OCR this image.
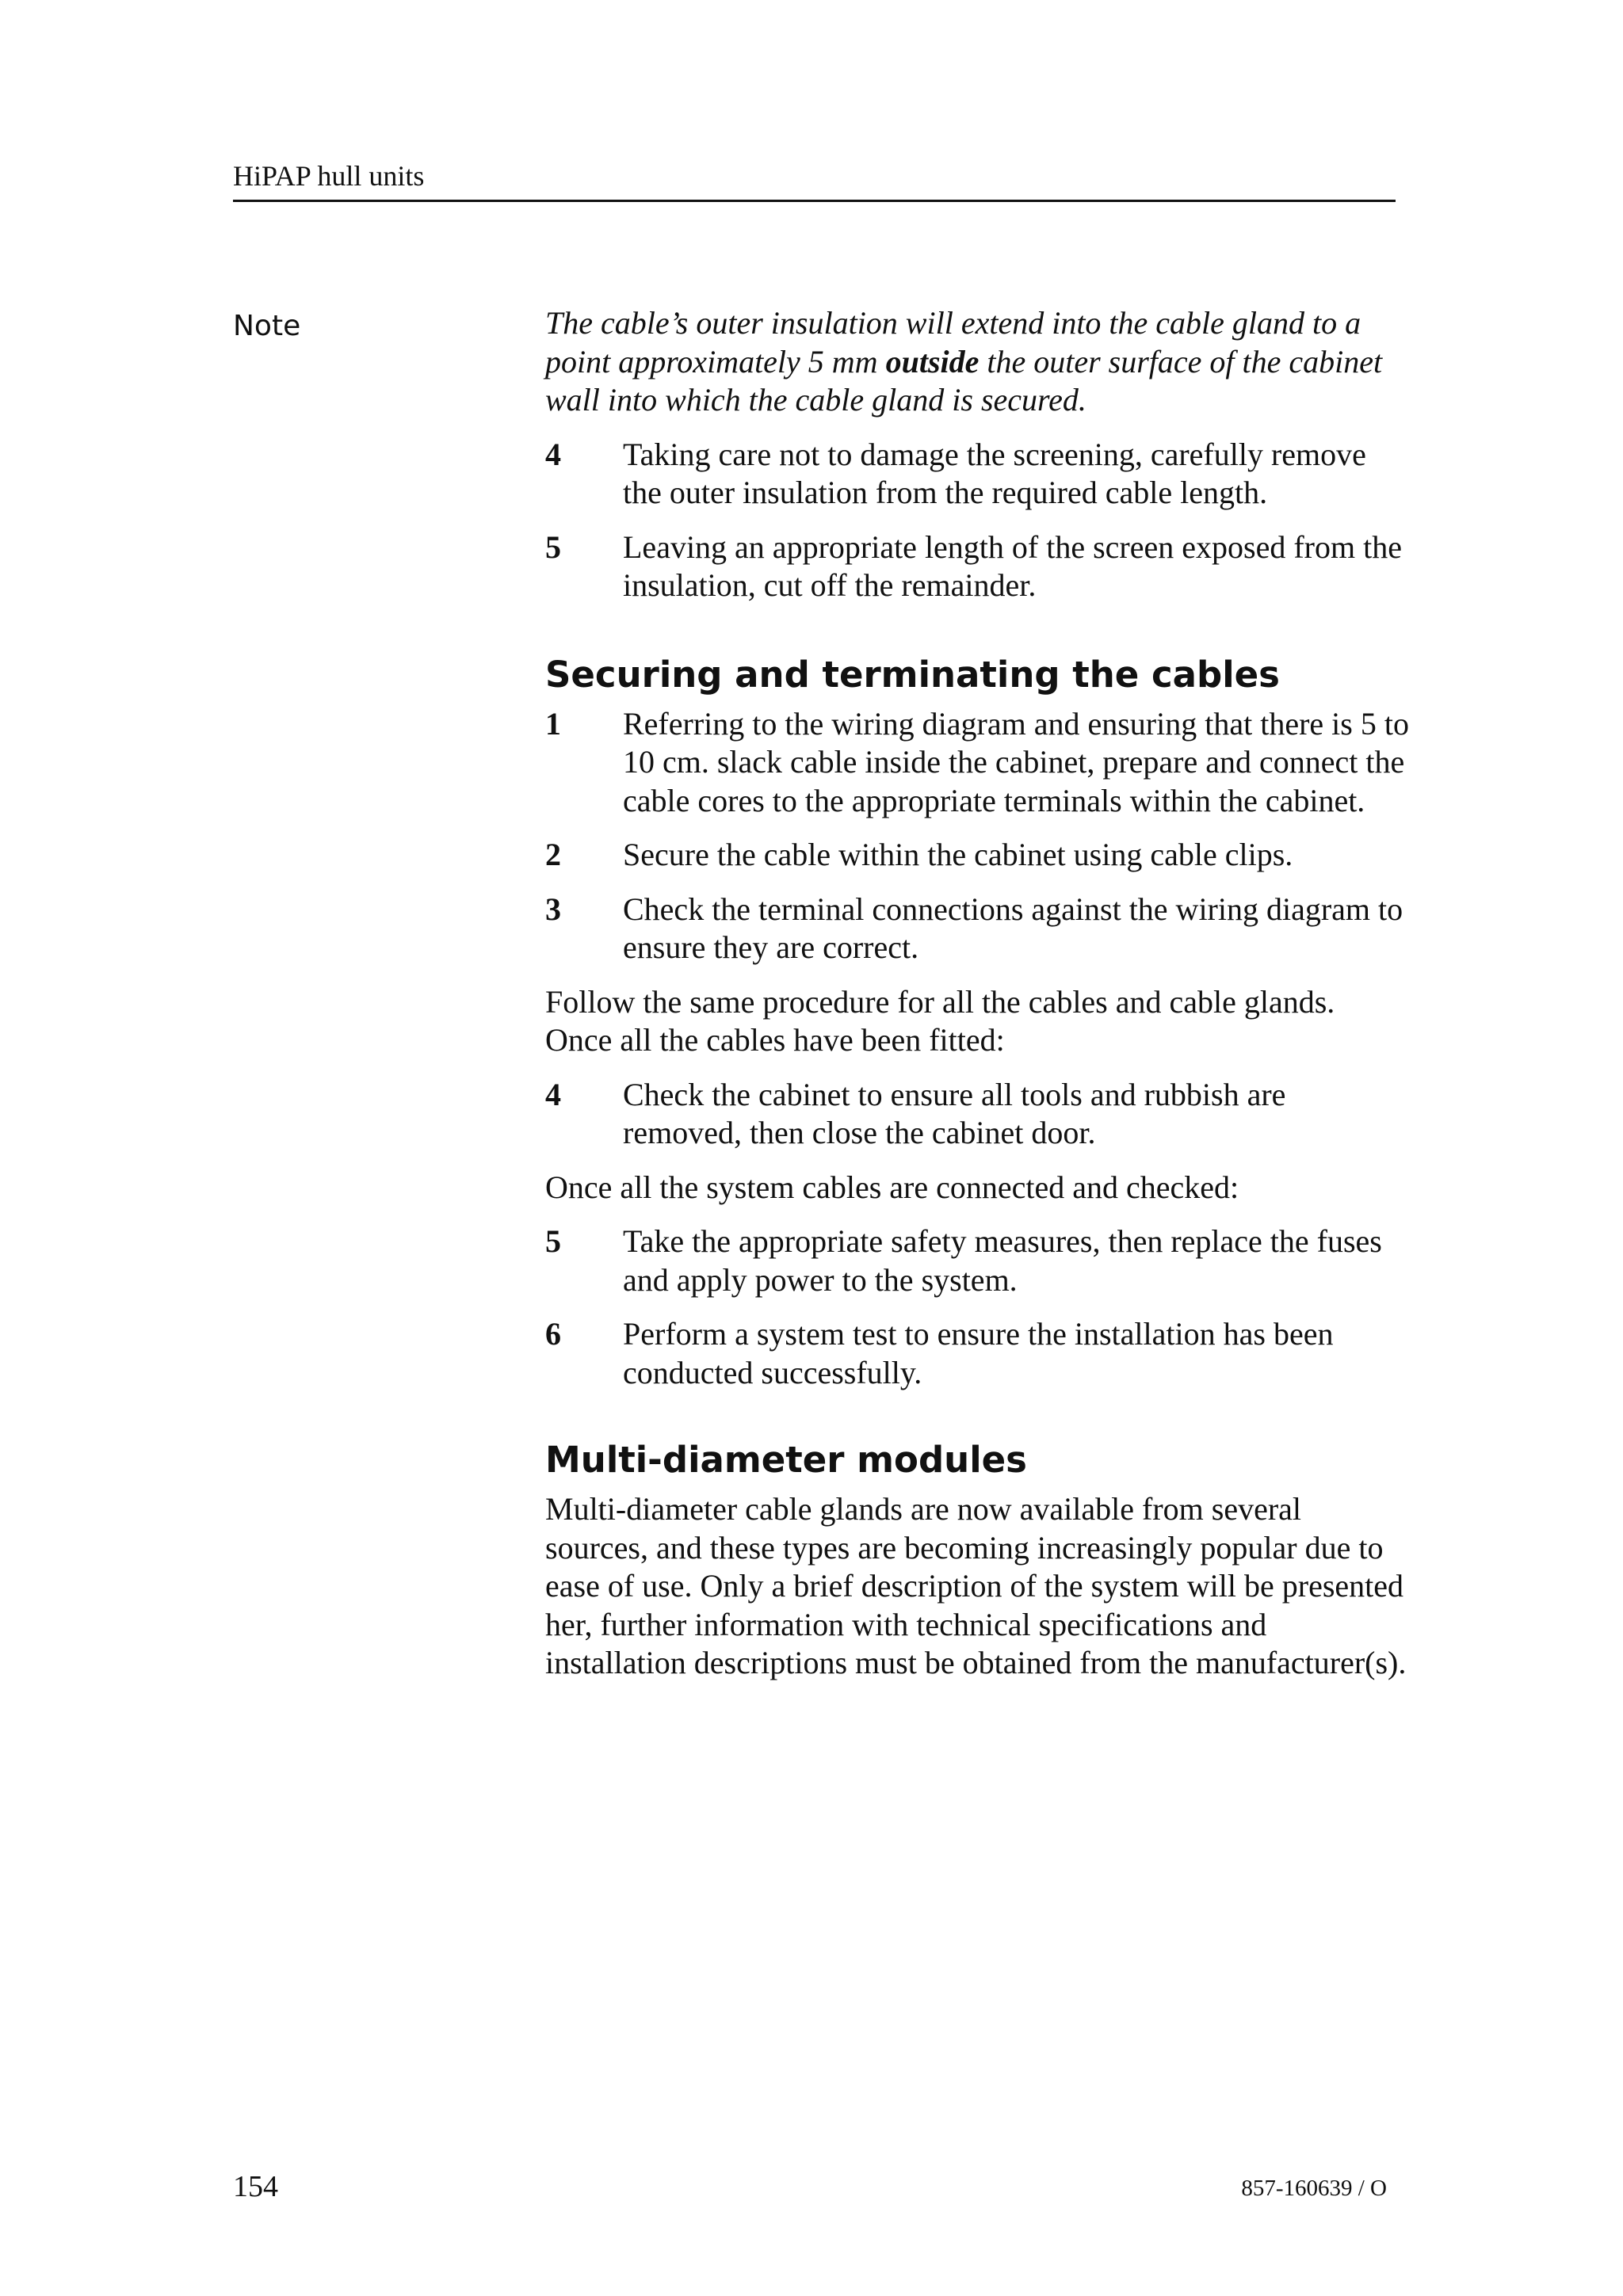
HiPAP hull units
Note	The cable’s outer insulation will extend into the cable gland to a point approximately 5 mm outside the outer surface of the cabinet wall into which the cable gland is secured.

4	Taking care not to damage the screening, carefully remove the outer insulation from the required cable length.
5	Leaving an appropriate length of the screen exposed from the insulation, cut off the remainder.
Securing and terminating the cables
1	Referring to the wiring diagram and ensuring that there is 5 to 10 cm. slack cable inside the cabinet, prepare and connect the cable cores to the appropriate terminals within the cabinet.
2	Secure the cable within the cabinet using cable clips.
3	Check the terminal connections against the wiring diagram to ensure they are correct.

Follow the same procedure for all the cables and cable glands. Once all the cables have been fitted:

4	Check the cabinet to ensure all tools and rubbish are removed, then close the cabinet door.

Once all the system cables are connected and checked:

5	Take the appropriate safety measures, then replace the fuses and apply power to the system.
6	Perform a system test to ensure the installation has been conducted successfully.
Multi-diameter modules

Multi-diameter cable glands are now available from several sources, and these types are becoming increasingly popular due to ease of use. Only a brief description of the system will be presented her, further information with technical specifications and installation descriptions must be obtained from the manufacturer(s).

154	857-160639 / O
